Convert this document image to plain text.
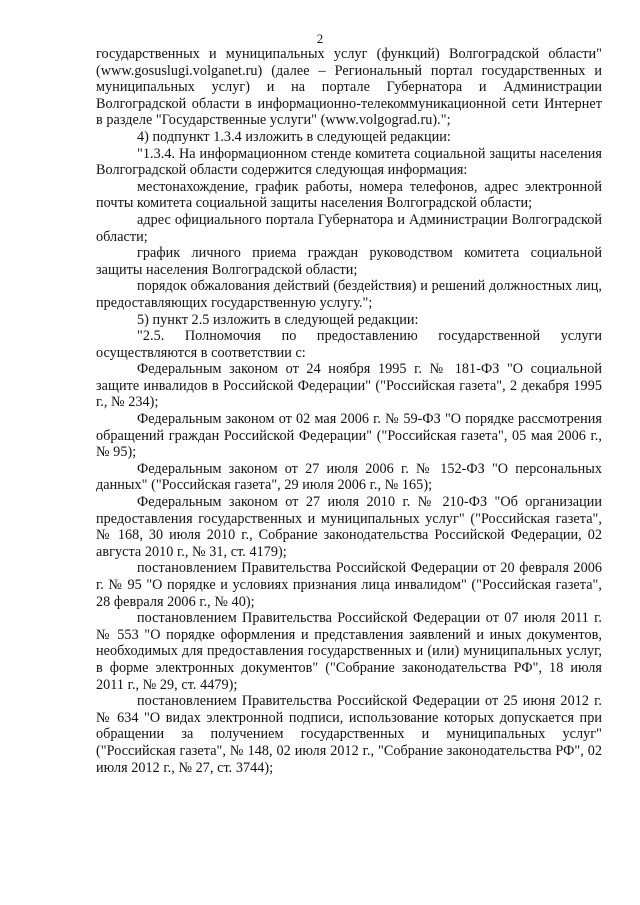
2

государственных и муниципальных услуг (функций) Волгоградской области" (www.gosuslugi.volganet.ru) (далее – Региональный портал государственных и муниципальных услуг) и на портале Губернатора и Администрации Волгоградской области в информационно-телекоммуникационной сети Интернет в разделе "Государственные услуги" (www.volgograd.ru).";

4) подпункт 1.3.4 изложить в следующей редакции:

"1.3.4. На информационном стенде комитета социальной защиты населения Волгоградской области содержится следующая информация:

местонахождение, график работы, номера телефонов, адрес электронной почты комитета социальной защиты населения Волгоградской области;

адрес официального портала Губернатора и Администрации Волгоградской области;

график личного приема граждан руководством комитета социальной защиты населения Волгоградской области;

порядок обжалования действий (бездействия) и решений должностных лиц, предоставляющих государственную услугу.";

5) пункт 2.5 изложить в следующей редакции:

"2.5. Полномочия по предоставлению государственной услуги осуществляются в соответствии с:

Федеральным законом от 24 ноября 1995 г. № 181-ФЗ "О социальной защите инвалидов в Российской Федерации" ("Российская газета", 2 декабря 1995 г., № 234);

Федеральным законом от 02 мая 2006 г. № 59-ФЗ "О порядке рассмотрения обращений граждан Российской Федерации" ("Российская газета", 05 мая 2006 г., № 95);

Федеральным законом от 27 июля 2006 г. № 152-ФЗ "О персональных данных" ("Российская газета", 29 июля 2006 г., № 165);

Федеральным законом от 27 июля 2010 г. № 210-ФЗ "Об организации предоставления государственных и муниципальных услуг" ("Российская газета", № 168, 30 июля 2010 г., Собрание законодательства Российской Федерации, 02 августа 2010 г., № 31, ст. 4179);

постановлением Правительства Российской Федерации от 20 февраля 2006 г. № 95 "О порядке и условиях признания лица инвалидом" ("Российская газета", 28 февраля 2006 г., № 40);

постановлением Правительства Российской Федерации от 07 июля 2011 г. № 553 "О порядке оформления и представления заявлений и иных документов, необходимых для предоставления государственных и (или) муниципальных услуг, в форме электронных документов" ("Собрание законодательства РФ", 18 июля 2011 г., № 29, ст. 4479);

постановлением Правительства Российской Федерации от 25 июня 2012 г. № 634 "О видах электронной подписи, использование которых допускается при обращении за получением государственных и муниципальных услуг" ("Российская газета", № 148, 02 июля 2012 г., "Собрание законодательства РФ", 02 июля 2012 г., № 27, ст. 3744);
